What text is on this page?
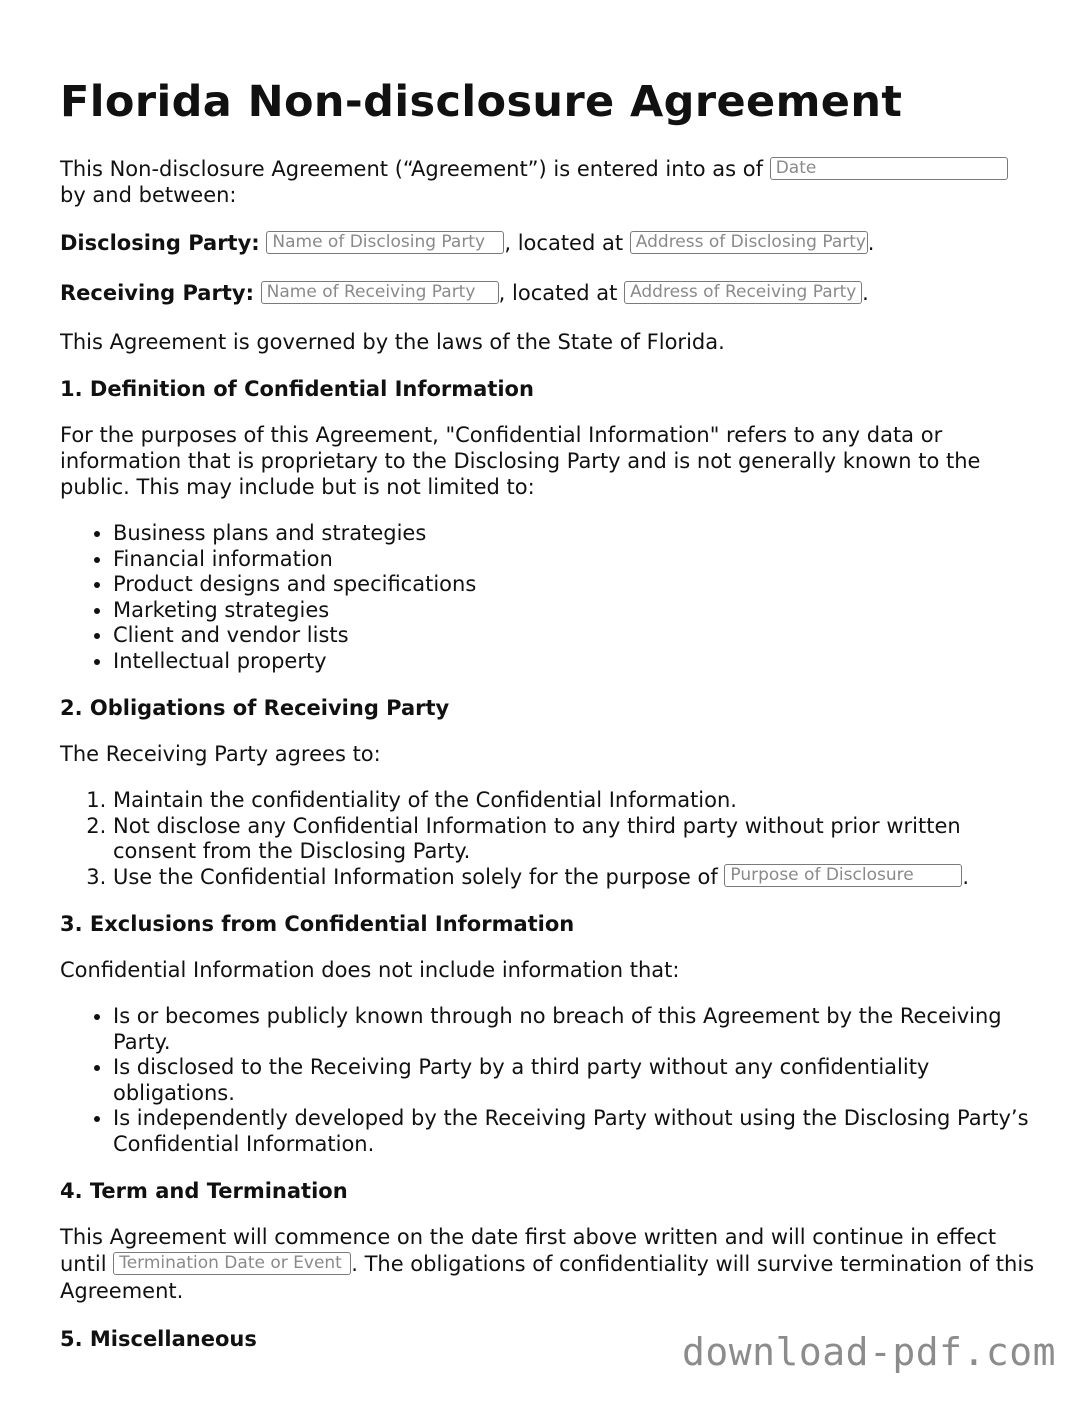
Florida Non-disclosure Agreement

This Non-disclosure Agreement (“Agreement”) is entered into as of Date
by and between:

Disclosing Party: Name of Disclosing Party , located at Address of Disclosing Party.

Receiving Party: Name of Receiving Party , located at Address of Receiving Party .

This Agreement is governed by the laws of the State of Florida.

1. Definition of Confidential Information

For the purposes of this Agreement, "Confidential Information" refers to any data or information that is proprietary to the Disclosing Party and is not generally known to the public. This may include but is not limited to:

• Business plans and strategies
• Financial information
• Product designs and specifications
• Marketing strategies
• Client and vendor lists
• Intellectual property
2. Obligations of Receiving Party

The Receiving Party agrees to:

1. Maintain the confidentiality of the Confidential Information.
2. Not disclose any Confidential Information to any third party without prior written consent from the Disclosing Party.
3. Use the Confidential Information solely for the purpose of Purpose of Disclosure .
3. Exclusions from Confidential Information

Confidential Information does not include information that:

• Is or becomes publicly known through no breach of this Agreement by the Receiving Party.
• Is disclosed to the Receiving Party by a third party without any confidentiality obligations.
• Is independently developed by the Receiving Party without using the Disclosing Party’s Confidential Information.
4. Term and Termination

This Agreement will commence on the date first above written and will continue in effect until Termination Date or Event . The obligations of confidentiality will survive termination of this Agreement.

5. Miscellaneous	download-pdf.com
